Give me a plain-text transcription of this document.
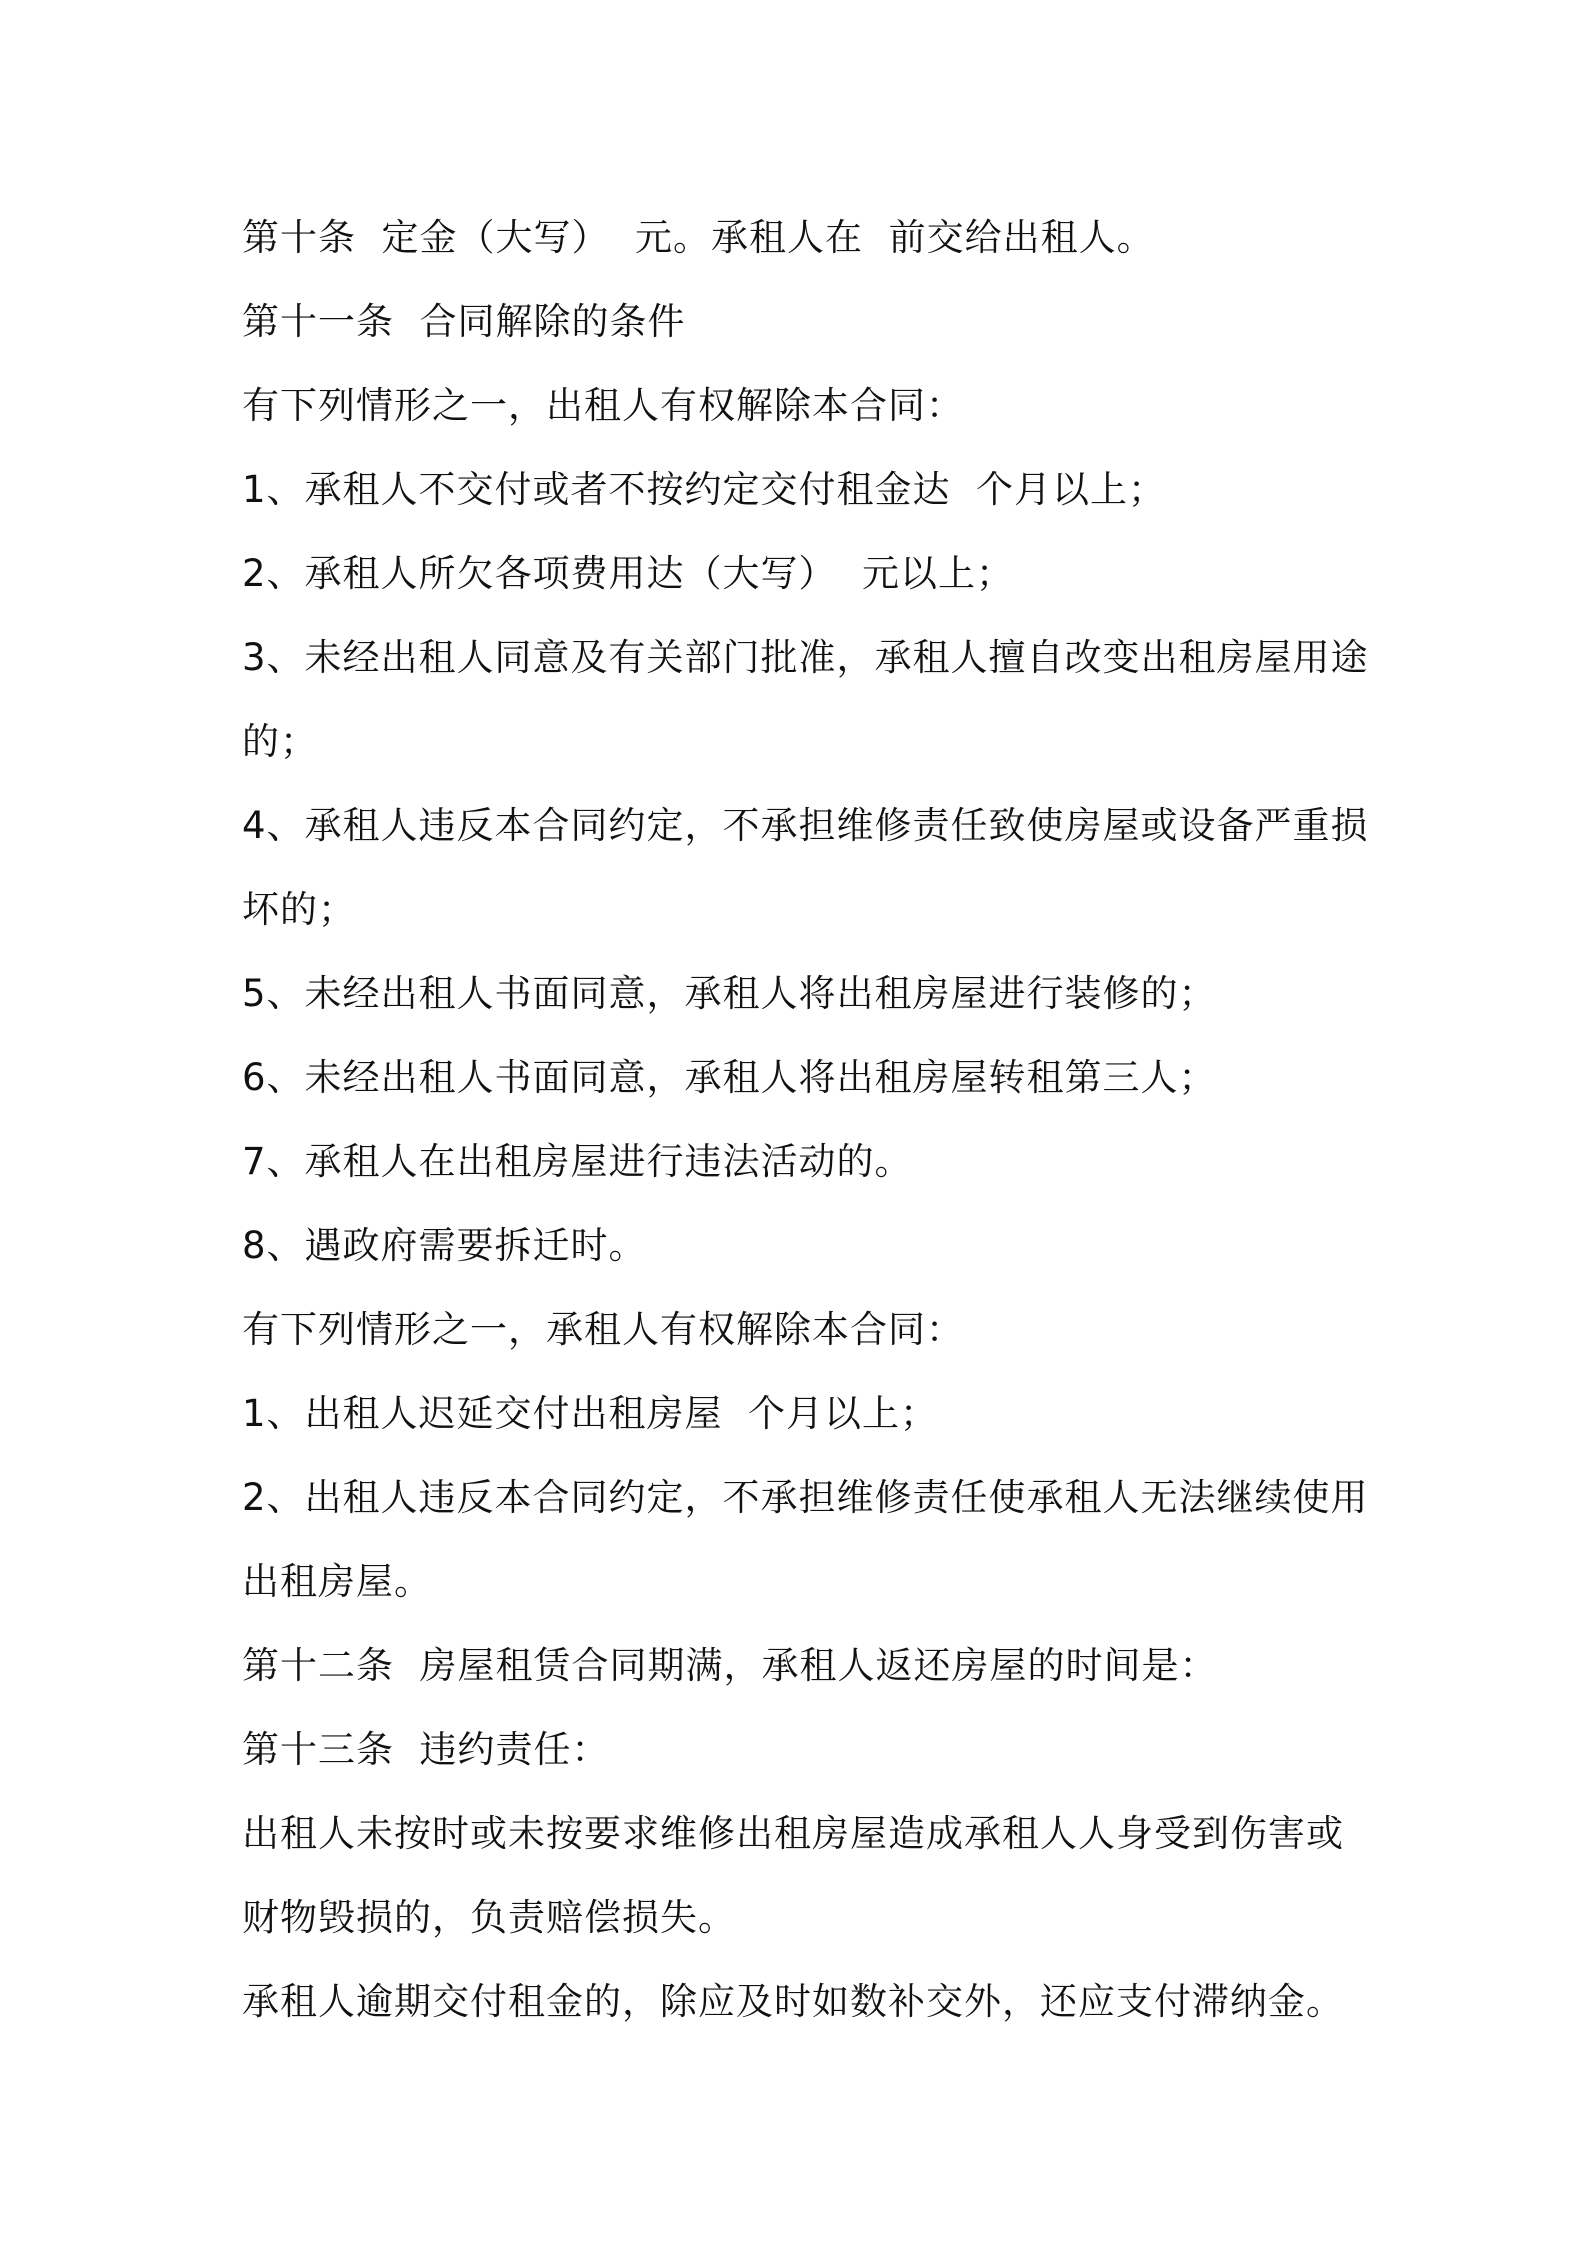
第十条  定金（大写）  元。承租人在  前交给出租人。
第十一条  合同解除的条件
有下列情形之一，出租人有权解除本合同：
1、承租人不交付或者不按约定交付租金达  个月以上；
2、承租人所欠各项费用达（大写）  元以上；
3、未经出租人同意及有关部门批准，承租人擅自改变出租房屋用途
的；
4、承租人违反本合同约定，不承担维修责任致使房屋或设备严重损
坏的；
5、未经出租人书面同意，承租人将出租房屋进行装修的；
6、未经出租人书面同意，承租人将出租房屋转租第三人；
7、承租人在出租房屋进行违法活动的。
8、遇政府需要拆迁时。
有下列情形之一，承租人有权解除本合同：
1、出租人迟延交付出租房屋  个月以上；
2、出租人违反本合同约定，不承担维修责任使承租人无法继续使用
出租房屋。
第十二条  房屋租赁合同期满，承租人返还房屋的时间是：
第十三条  违约责任：
出租人未按时或未按要求维修出租房屋造成承租人人身受到伤害或
财物毁损的，负责赔偿损失。
承租人逾期交付租金的，除应及时如数补交外，还应支付滞纳金。
